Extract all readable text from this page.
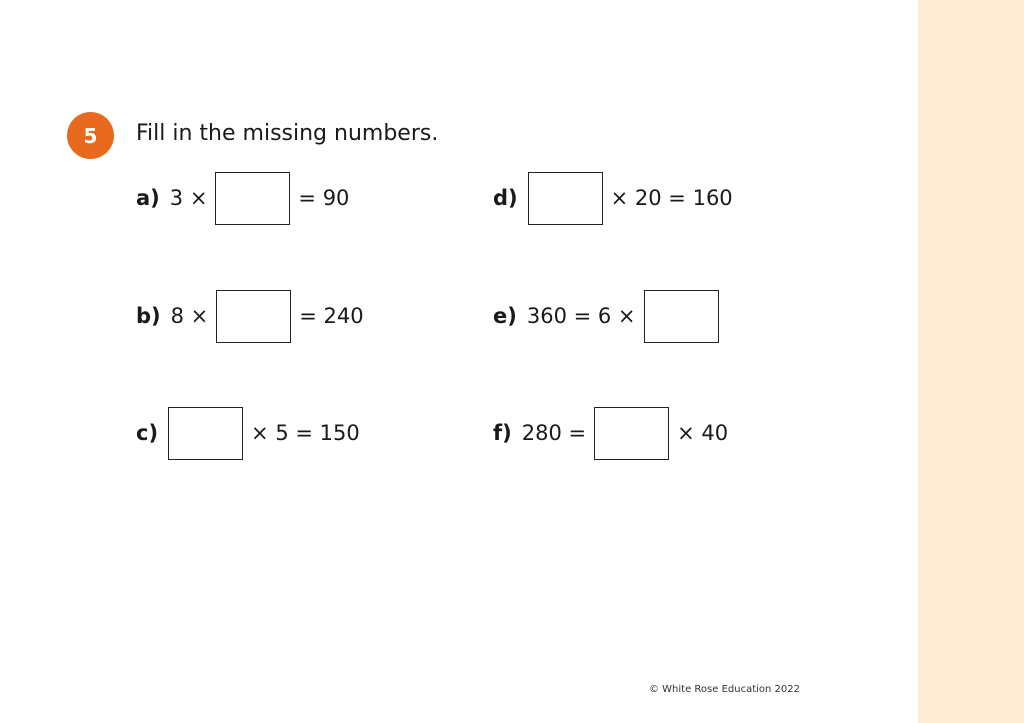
5 Fill in the missing numbers.
a) 3 ×	= 90
b) 8 ×	= 240
c)	× 5 = 150
d)	× 20 = 160
e) 360 = 6 ×
f) 280 =	× 40
© White Rose Education 2022
